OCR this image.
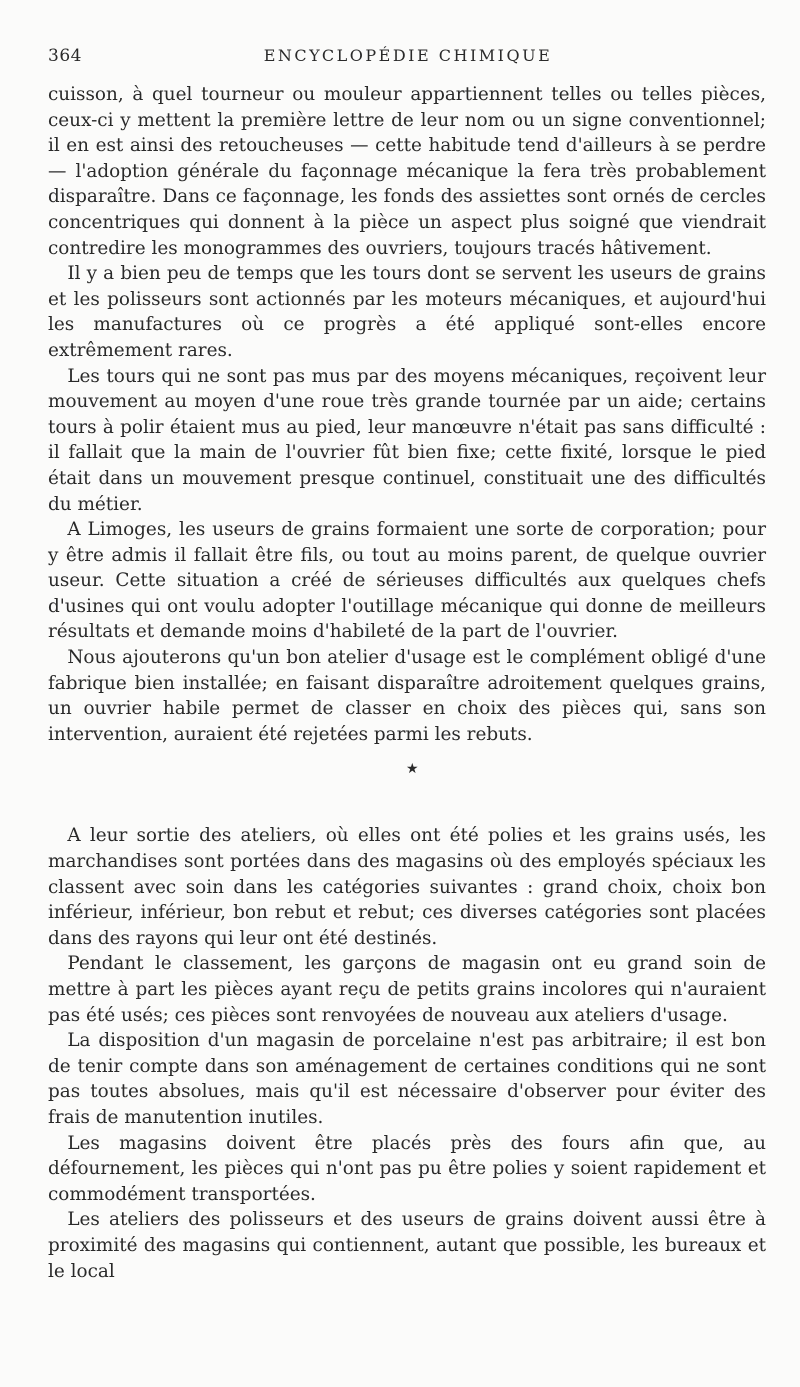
364	ENCYCLOPÉDIE CHIMIQUE

cuisson, à quel tourneur ou mouleur appartiennent telles ou telles pièces, ceux-ci y mettent la première lettre de leur nom ou un signe conventionnel; il en est ainsi des retoucheuses — cette habitude tend d'ailleurs à se perdre — l'adoption générale du façonnage mécanique la fera très probablement disparaître. Dans ce façonnage, les fonds des assiettes sont ornés de cercles concentriques qui donnent à la pièce un aspect plus soigné que viendrait contredire les monogrammes des ouvriers, toujours tracés hâtivement.

Il y a bien peu de temps que les tours dont se servent les useurs de grains et les polisseurs sont actionnés par les moteurs mécaniques, et aujourd'hui les manufactures où ce progrès a été appliqué sont-elles encore extrêmement rares.

Les tours qui ne sont pas mus par des moyens mécaniques, reçoivent leur mouvement au moyen d'une roue très grande tournée par un aide; certains tours à polir étaient mus au pied, leur manœuvre n'était pas sans difficulté : il fallait que la main de l'ouvrier fût bien fixe; cette fixité, lorsque le pied était dans un mouvement presque continuel, constituait une des difficultés du métier.

A Limoges, les useurs de grains formaient une sorte de corporation; pour y être admis il fallait être fils, ou tout au moins parent, de quelque ouvrier useur. Cette situation a créé de sérieuses difficultés aux quelques chefs d'usines qui ont voulu adopter l'outillage mécanique qui donne de meilleurs résultats et demande moins d'habileté de la part de l'ouvrier.

Nous ajouterons qu'un bon atelier d'usage est le complément obligé d'une fabrique bien installée; en faisant disparaître adroitement quelques grains, un ouvrier habile permet de classer en choix des pièces qui, sans son intervention, auraient été rejetées parmi les rebuts.

★

A leur sortie des ateliers, où elles ont été polies et les grains usés, les marchandises sont portées dans des magasins où des employés spéciaux les classent avec soin dans les catégories suivantes : grand choix, choix bon inférieur, inférieur, bon rebut et rebut; ces diverses catégories sont placées dans des rayons qui leur ont été destinés.

Pendant le classement, les garçons de magasin ont eu grand soin de mettre à part les pièces ayant reçu de petits grains incolores qui n'auraient pas été usés; ces pièces sont renvoyées de nouveau aux ateliers d'usage.

La disposition d'un magasin de porcelaine n'est pas arbitraire; il est bon de tenir compte dans son aménagement de certaines conditions qui ne sont pas toutes absolues, mais qu'il est nécessaire d'observer pour éviter des frais de manutention inutiles.

Les magasins doivent être placés près des fours afin que, au défournement, les pièces qui n'ont pas pu être polies y soient rapidement et commodément transportées.

Les ateliers des polisseurs et des useurs de grains doivent aussi être à proximité des magasins qui contiennent, autant que possible, les bureaux et le local
